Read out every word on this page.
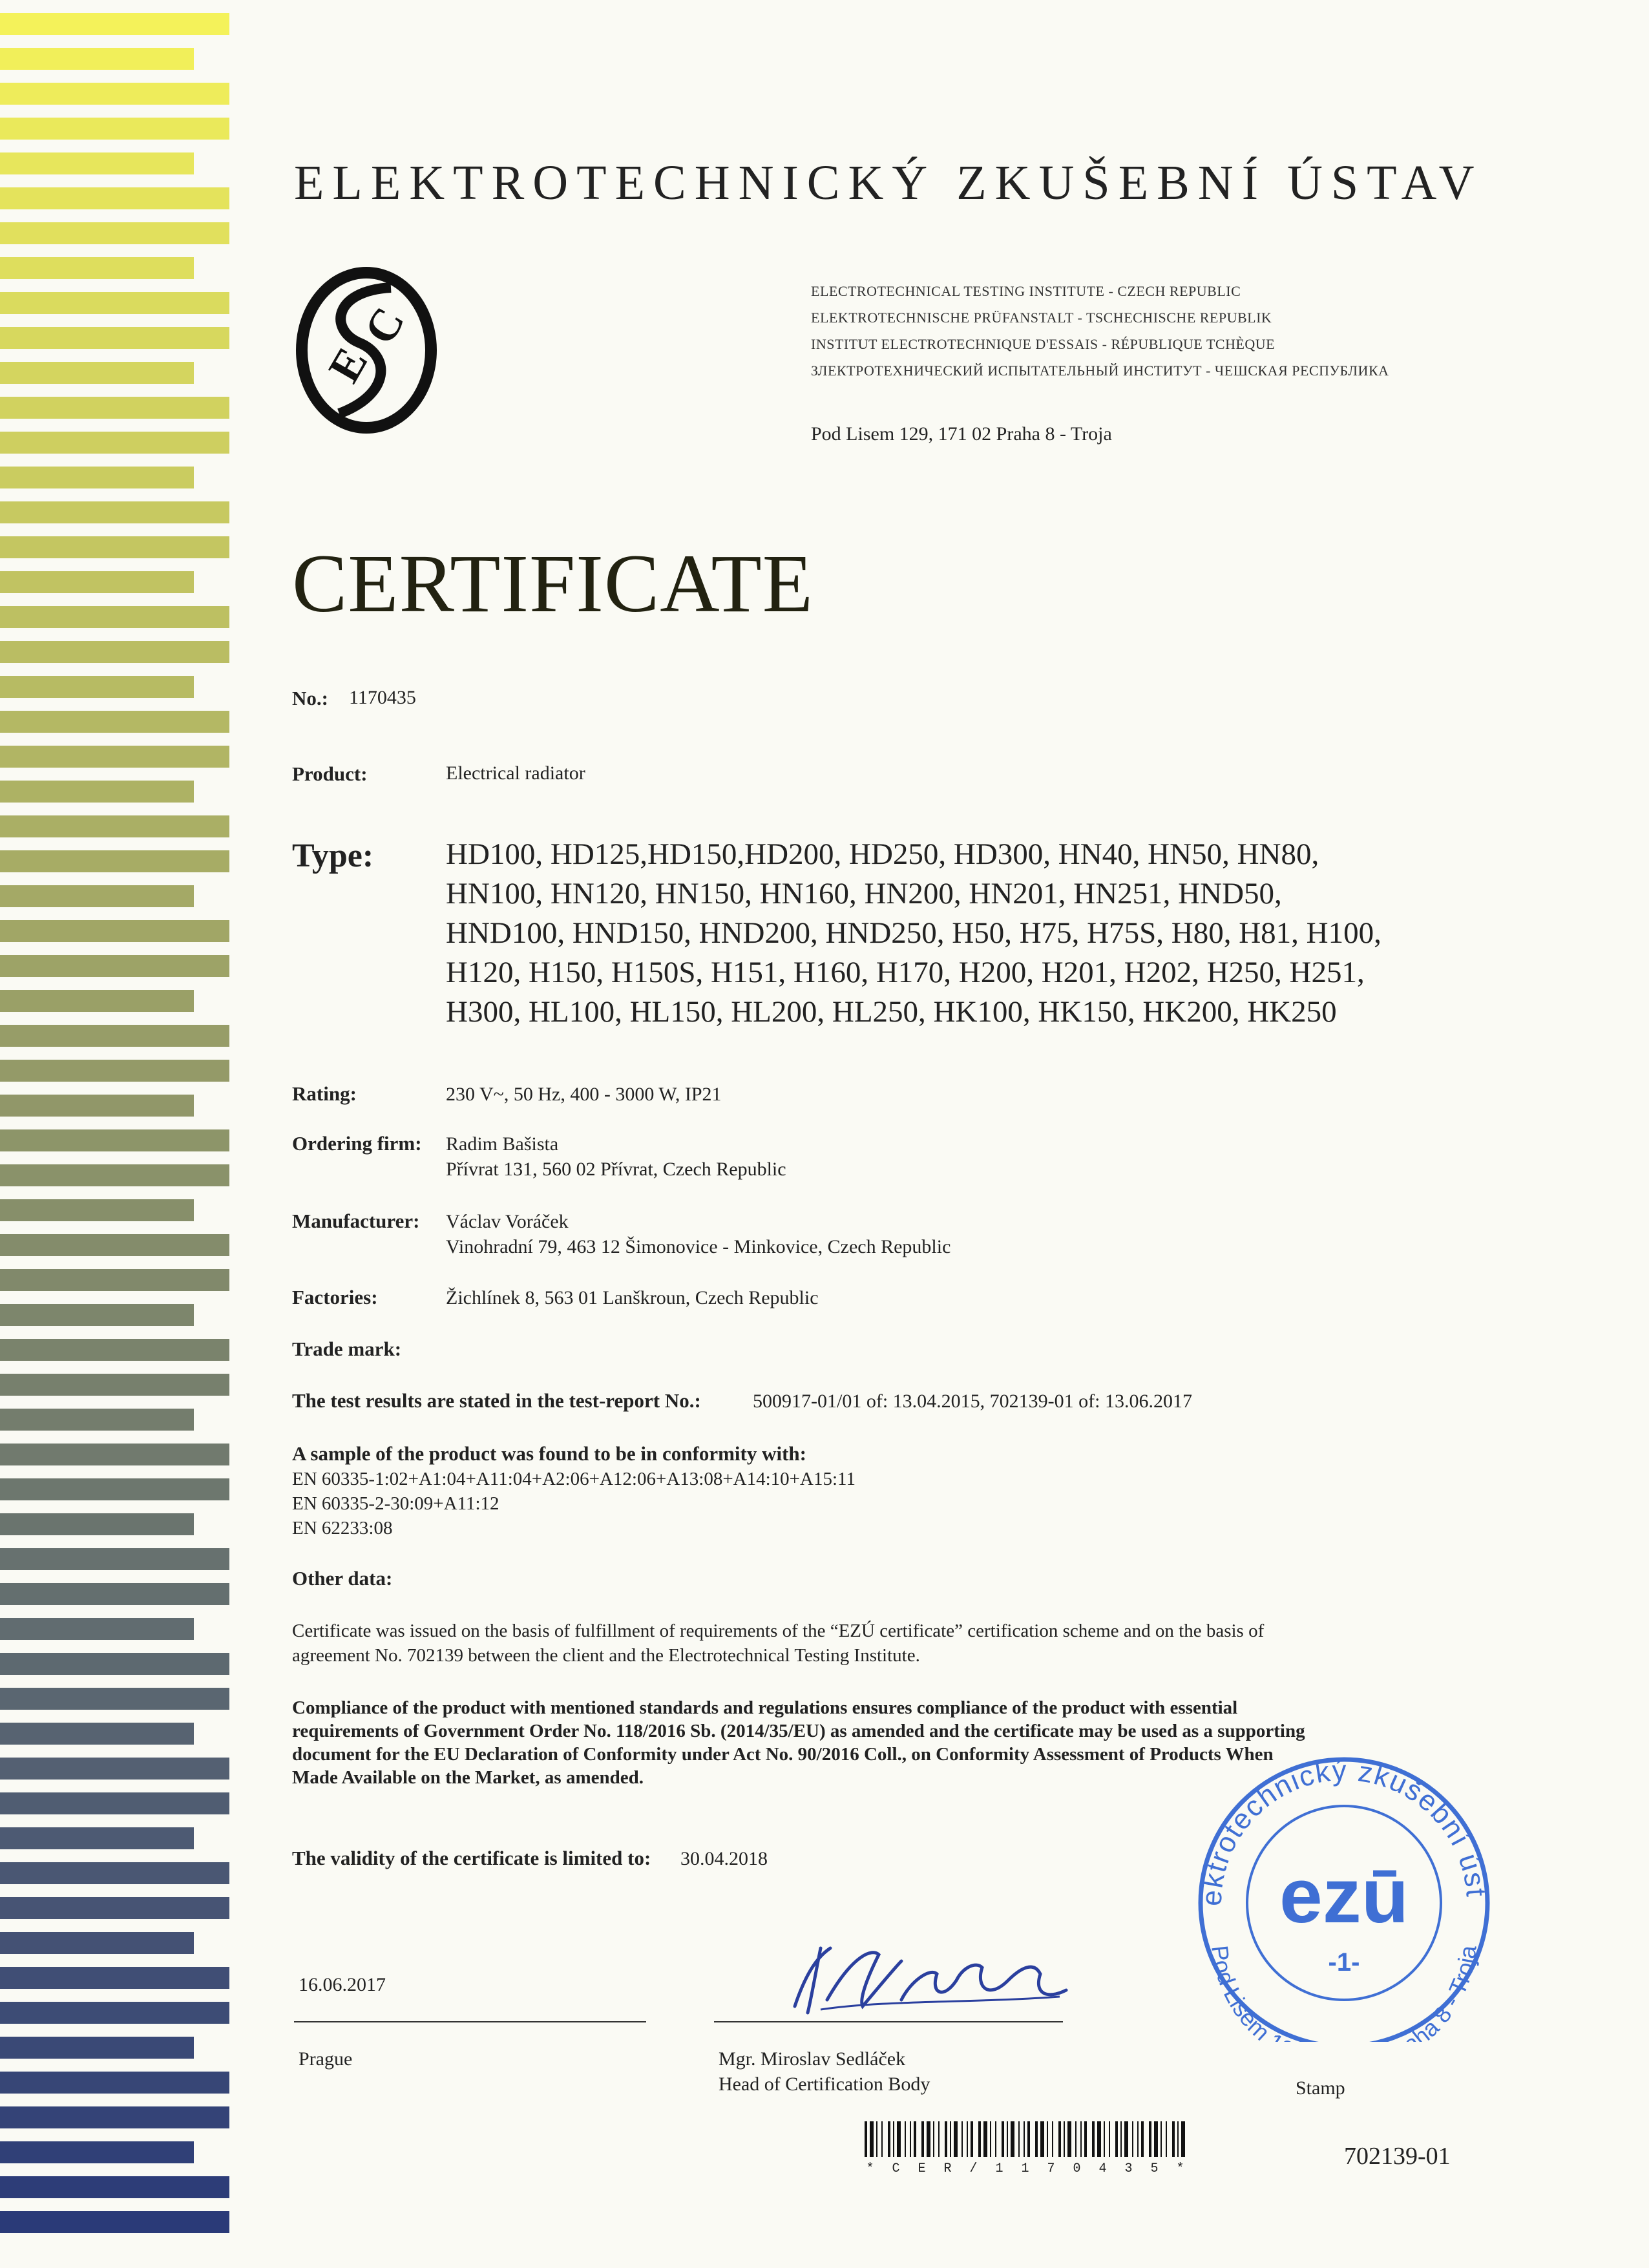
ELEKTROTECHNICKÝ ZKUŠEBNÍ ÚSTAV
E
C
ELECTROTECHNICAL TESTING INSTITUTE - CZECH REPUBLIC
ELEKTROTECHNISCHE PRÜFANSTALT - TSCHECHISCHE REPUBLIK
INSTITUT ELECTROTECHNIQUE D'ESSAIS - RÉPUBLIQUE TCHÈQUE
ЗЛЕКТРОТЕХНИЧЕСКИЙ ИСПЫТАТЕЛЬНЫЙ ИНСТИТУТ - ЧЕШСКАЯ РЕСПУБЛИКА
Pod Lisem 129, 171 02 Praha 8 - Troja
CERTIFICATE
No.: 1170435
Product:	Electrical radiator
Type: HD100, HD125,HD150,HD200, HD250, HD300, HN40, HN50, HN80,
HN100, HN120, HN150, HN160, HN200, HN201, HN251, HND50,
HND100, HND150, HND200, HND250, H50, H75, H75S, H80, H81, H100,
H120, H150, H150S, H151, H160, H170, H200, H201, H202, H250, H251,
H300, HL100, HL150, HL200, HL250, HK100, HK150, HK200, HK250
Rating:	230 V~, 50 Hz, 400 - 3000 W, IP21
Ordering firm: Radim Bašista
Přívrat 131, 560 02 Přívrat, Czech Republic
Manufacturer: Václav Voráček
Vinohradní 79, 463 12 Šimonovice - Minkovice, Czech Republic
Factories:	Žichlínek 8, 563 01 Lanškroun, Czech Republic
Trade mark:
The test results are stated in the test-report No.:	500917-01/01 of: 13.04.2015, 702139-01 of: 13.06.2017
A sample of the product was found to be in conformity with:
EN 60335-1:02+A1:04+A11:04+A2:06+A12:06+A13:08+A14:10+A15:11
EN 60335-2-30:09+A11:12
EN 62233:08
Other data:
Certificate was issued on the basis of fulfillment of requirements of the “EZÚ certificate” certification scheme and on the basis of
agreement No. 702139 between the client and the Electrotechnical Testing Institute.
Compliance of the product with mentioned standards and regulations ensures compliance of the product with essential
requirements of Government Order No. 118/2016 Sb. (2014/35/EU) as amended and the certificate may be used as a supporting
document for the EU Declaration of Conformity under Act No. 90/2016 Coll., on Conformity Assessment of Products When
Made Available on the Market, as amended.
The validity of the certificate is limited to: 30.04.2018
ektrotechnický zkušební úst
Pod Lisem ha 8 - Troja
ezū
-1-
16.06.2017
Prague	Mgr. Miroslav Sedláček
Head of Certification Body	Stamp
* C E R / 1 1 7 0 4 3 5 *	702139-01
